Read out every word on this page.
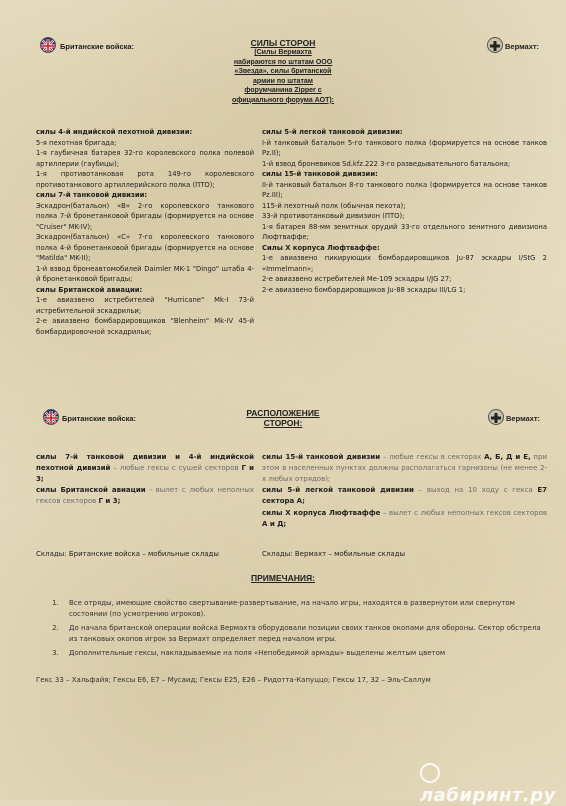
Британские войска:	СИЛЫ СТОРОН
(Силы Вермахта
набираются по штатам ООО
«Звезда», силы британской
армии по штатам
форумчанина Zipper с
официального форума АОТ):
Вермахт:

силы 4-й индийской пехотной дивизии:

5-я пехотная бригада;

1-я гаубичная батарея 32-го королевского полка полевой артиллерии (гаубицы);

1-я противотанковая рота 149-го королевского противотанкового артиллерийского полка (ПТО);

силы 7-й танковой дивизии:

Эскадрон(батальон) «В» 2-го королевского танкового полка 7-й бронетанковой бригады (формируется на основе "Cruiser" MK-IV);

Эскадрон(батальон) «С» 7-го королевского танкового полка 4-й бронетанковой бригады (формируется на основе "Matilda" MK-II);

1-й взвод бронеавтомобилей Daimler MK-1 "Dingo" штаба 4-й бронетанковой бригады;

силы Британской авиации:

1-е авиазвено истребителей "Hurricane" Mk-I 73-й истребительной эскадрильи;

2-е авиазвено бомбардировщиков "Blenheim" Mk-IV 45-й бомбардировочной эскадрильи;

силы 5-й легкой танковой дивизии:

I-й танковый батальон 5-го танкового полка (формируется на основе танков Pz.II);

1-й взвод броневиков Sd.kfz.222 3-го разведывательного батальона;

силы 15-й танковой дивизии:

II-й танковый батальон 8-го танкового полка (формируется на основе танков Pz.III);

115-й пехотный полк (обычная пехота);

33-й противотанковый дивизион (ПТО);

1-я батарея 88-мм зенитных орудий 33-го отдельного зенитного дивизиона Люфтваффе;

Силы X корпуса Люфтваффе:

1-е авиазвено пикирующих бомбардировщиков Ju-87 эскадры I/StG 2 «Immelmann»;

2-е авиазвено истребителей Me-109 эскадры I/JG 27;

2-е авиазвено бомбардировщиков Ju-88 эскадры III/LG 1;

Британские войска:
РАСПОЛОЖЕНИЕ
СТОРОН:	Вермахт:

силы 7-й танковой дивизии и 4-й индийской пехотной дивизий – любые гексы с сушей секторов Г и 3;

силы Британской авиации - вылет с любых неполных гексов секторов Г и 3;

силы 15-й танковой дивизии – любые гексы в секторах А, Б, Д и Е, при этом в населенных пунктах должны располагаться гарнизоны (не менее 2-х любых отрядов);

силы 5-й легкой танковой дивизии – выход на 10 ходу с гекса Е7 сектора А;

силы X корпуса Люфтваффе – вылет с любых неполных гексов секторов А и Д;

Склады: Британские войска – мобильные склады	Склады: Вермахт – мобильные склады
ПРИМЕЧАНИЯ:
1. Все отряды, имеющие свойство свертывание-развертывание, на начало игры, находятся в развернутом или свернутом состоянии (по усмотрению игроков).
2. До начала британской операции войска Вермахта оборудовали позиции своих танков окопами для обороны. Сектор обстрела из танковых окопов игрок за Вермахт определяет перед началом игры.
3. Дополнительные гексы, накладываемые на поля «Непобедимой армады» выделены желтым цветом
Гекс 33 – Хальфайя; Гексы Е6, Е7 – Мусаид; Гексы Е25, Е26 – Ридотта-Капуццо; Гексы 17, 32 – Эль-Саллум
лабиринт.ру
